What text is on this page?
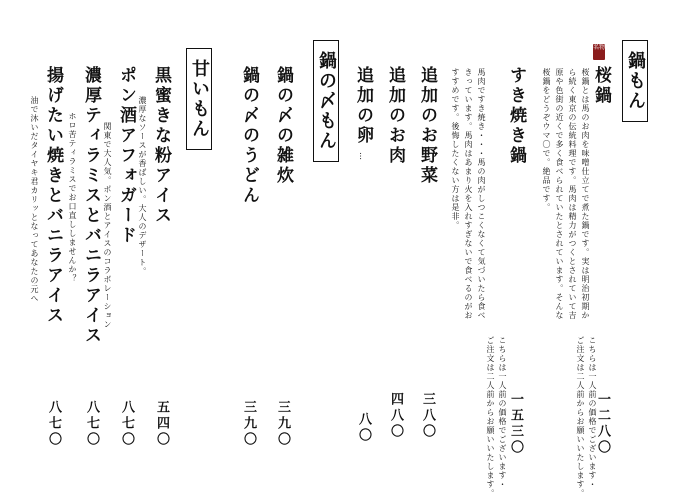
鍋もん
名物
桜鍋
桜鍋とは馬のお肉を味噌仕立てで煮た鍋です。実は明治初期から続く東京の伝統料理です。馬肉は精力がつくとされていて吉原や色街の近くで多く食べられていたとされています。そんな桜鍋をどうぞウマ〇で。絶品です。
一二八〇
こちらは一人前の価格でございます・
ご注文は二人前からお願いいたします。
すき焼き鍋
一五三〇
馬肉ですき焼き・・・馬の肉がしつこくなくて気づいたら食べきっています。馬肉はあまり火を入れすぎないで食べるのがおすすめです。後悔したくない方は是非。
こちらは一人前の価格でございます・
ご注文は二人前からお願いいたします。
追加のお野菜
三八〇
追加のお肉
四八〇
追加の卵
…
八〇
鍋の〆もん
鍋の〆の雑炊
三九〇
鍋の〆のうどん
三九〇
甘いもん
黒蜜きな粉アイス
濃厚なソースが香ばしい。大人のデザート。
五四〇
ポン酒アフォガード
関東で大人気。ポン酒とアイスのコラボレーション
八七〇
濃厚ティラミスとバニラアイス
ホロ苦ティラミスでお口直ししませんか？
八七〇
揚げたい焼きとバニラアイス
油で沐いだタイヤキ君カリッとなってあなたの元へ
八七〇
